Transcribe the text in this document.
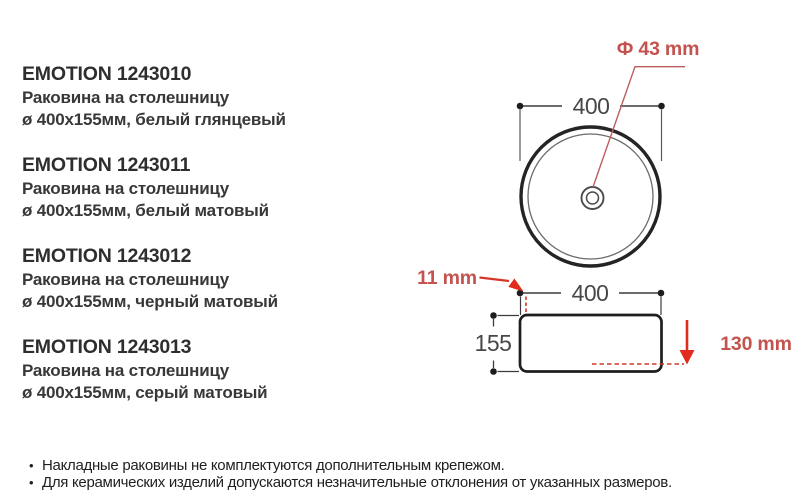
EMOTION 1243010
Раковина на столешницу
ø 400x155мм, белый глянцевый
EMOTION 1243011
Раковина на столешницу
ø 400x155мм, белый матовый
EMOTION 1243012
Раковина на столешницу
ø 400x155мм, черный матовый
EMOTION 1243013
Раковина на столешницу
ø 400x155мм, серый матовый
400
Ф 43 mm
400
155
11 mm
130 mm
• Накладные раковины не комплектуются дополнительным крепежом.
• Для керамических изделий допускаются незначительные отклонения от указанных размеров.
